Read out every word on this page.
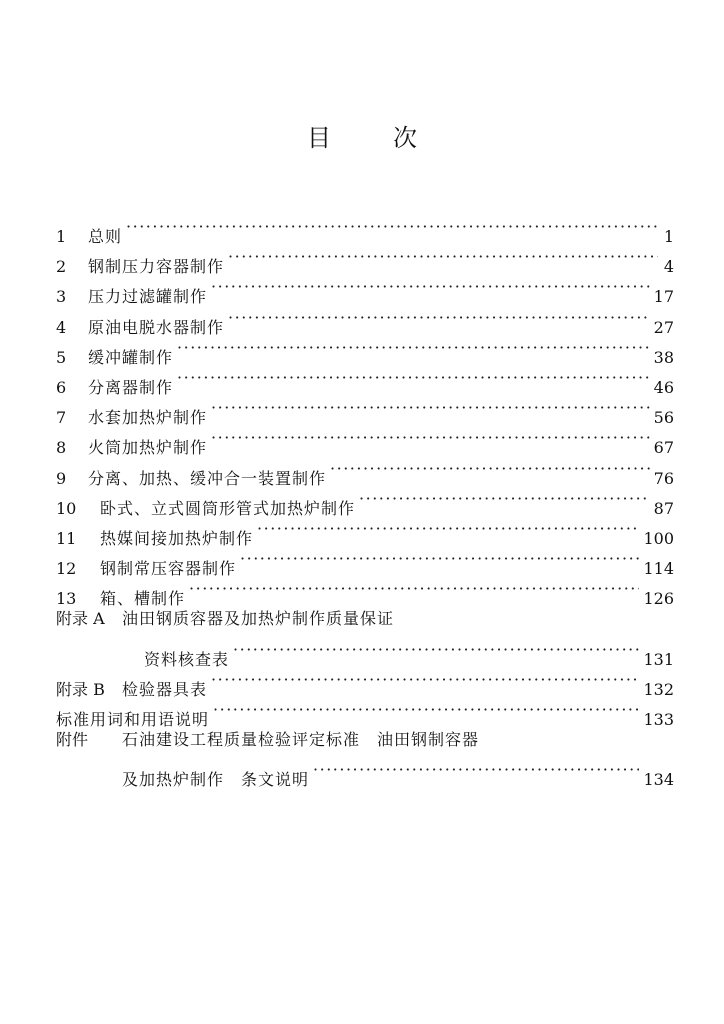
目	次
1	总则 ·····	1
2	钢制压力容器制作 ·····	4
3	压力过滤罐制作 ·····	17
4	原油电脱水器制作 ·····	27
5	缓冲罐制作 ·····	38
6	分离器制作 ·····	46
7	水套加热炉制作 ·····	56
8	火筒加热炉制作 ·····	67
9	分离、加热、缓冲合一装置制作 ·····	76
10	卧式、立式圆筒形管式加热炉制作 ·····	87
11	热媒间接加热炉制作 ·····	100
12	钢制常压容器制作 ·····	114
13	箱、槽制作 ·····	126
附录 A	油田钢质容器及加热炉制作质量保证
资料核查表 ·····	131
附录 B	检验器具表 ·····	132
标准用词和用语说明 ·····	133
附件	石油建设工程质量检验评定标准　油田钢制容器
及加热炉制作　条文说明 ·····	134
